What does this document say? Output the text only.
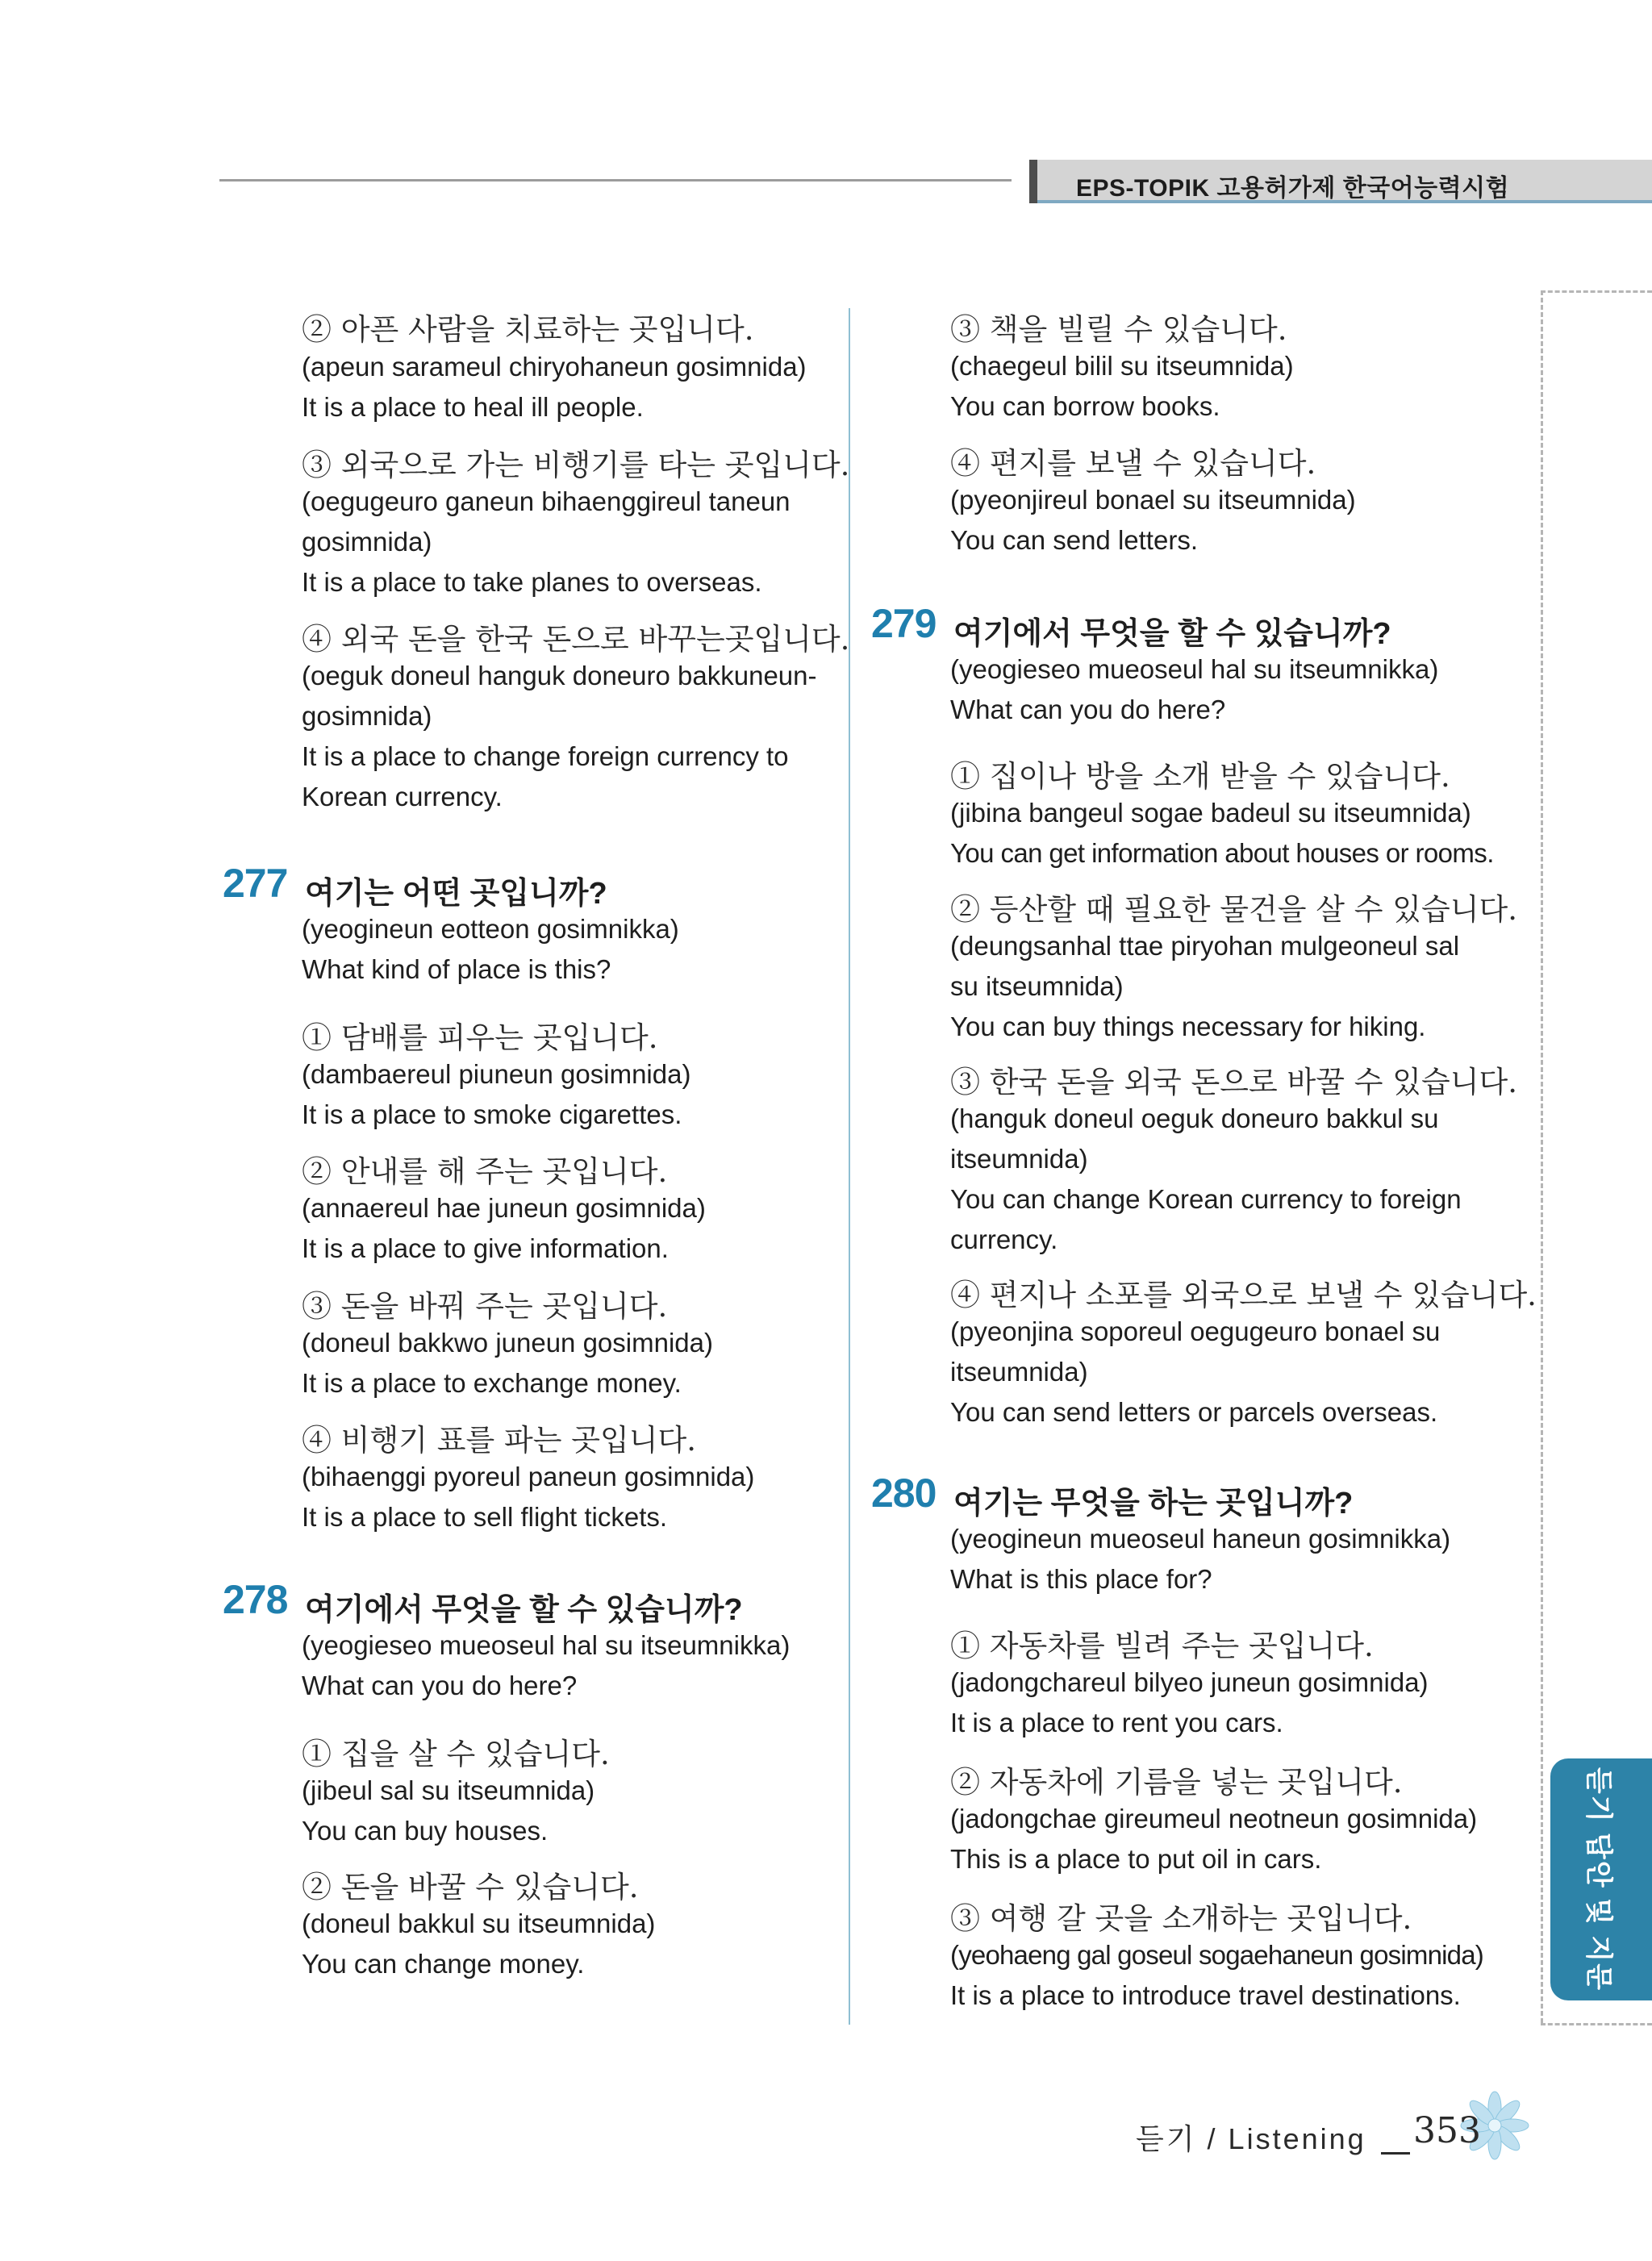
EPS-TOPIK 고용허가제 한국어능력시험
듣기 답안 및 지문
② 아픈 사람을 치료하는 곳입니다.
(apeun sarameul chiryohaneun gosimnida)
It is a place to heal ill people.
③ 외국으로 가는 비행기를 타는 곳입니다.
(oegugeuro ganeun bihaenggireul taneun
gosimnida)
It is a place to take planes to overseas.
④ 외국 돈을 한국 돈으로 바꾸는곳입니다.
(oeguk doneul hanguk doneuro bakkuneun-
gosimnida)
It is a place to change foreign currency to
Korean currency.
277 여기는 어떤 곳입니까?
(yeogineun eotteon gosimnikka)
What kind of place is this?
① 담배를 피우는 곳입니다.
(dambaereul piuneun gosimnida)
It is a place to smoke cigarettes.
② 안내를 해 주는 곳입니다.
(annaereul hae juneun gosimnida)
It is a place to give information.
③ 돈을 바꿔 주는 곳입니다.
(doneul bakkwo juneun gosimnida)
It is a place to exchange money.
④ 비행기 표를 파는 곳입니다.
(bihaenggi pyoreul paneun gosimnida)
It is a place to sell flight tickets.
278 여기에서 무엇을 할 수 있습니까?
(yeogieseo mueoseul hal su itseumnikka)
What can you do here?
① 집을 살 수 있습니다.
(jibeul sal su itseumnida)
You can buy houses.
② 돈을 바꿀 수 있습니다.
(doneul bakkul su itseumnida)
You can change money.
③ 책을 빌릴 수 있습니다.
(chaegeul bilil su itseumnida)
You can borrow books.
④ 편지를 보낼 수 있습니다.
(pyeonjireul bonael su itseumnida)
You can send letters.
279 여기에서 무엇을 할 수 있습니까?
(yeogieseo mueoseul hal su itseumnikka)
What can you do here?
① 집이나 방을 소개 받을 수 있습니다.
(jibina bangeul sogae badeul su itseumnida)
You can get information about houses or rooms.
② 등산할 때 필요한 물건을 살 수 있습니다.
(deungsanhal ttae piryohan mulgeoneul sal
su itseumnida)
You can buy things necessary for hiking.
③ 한국 돈을 외국 돈으로 바꿀 수 있습니다.
(hanguk doneul oeguk doneuro bakkul su
itseumnida)
You can change Korean currency to foreign
currency.
④ 편지나 소포를 외국으로 보낼 수 있습니다.
(pyeonjina soporeul oegugeuro bonael su
itseumnida)
You can send letters or parcels overseas.
280 여기는 무엇을 하는 곳입니까?
(yeogineun mueoseul haneun gosimnikka)
What is this place for?
① 자동차를 빌려 주는 곳입니다.
(jadongchareul bilyeo juneun gosimnida)
It is a place to rent you cars.
② 자동차에 기름을 넣는 곳입니다.
(jadongchae gireumeul neotneun gosimnida)
This is a place to put oil in cars.
③ 여행 갈 곳을 소개하는 곳입니다.
(yeohaeng gal goseul sogaehaneun gosimnida)
It is a place to introduce travel destinations.
듣기 / Listening 353
